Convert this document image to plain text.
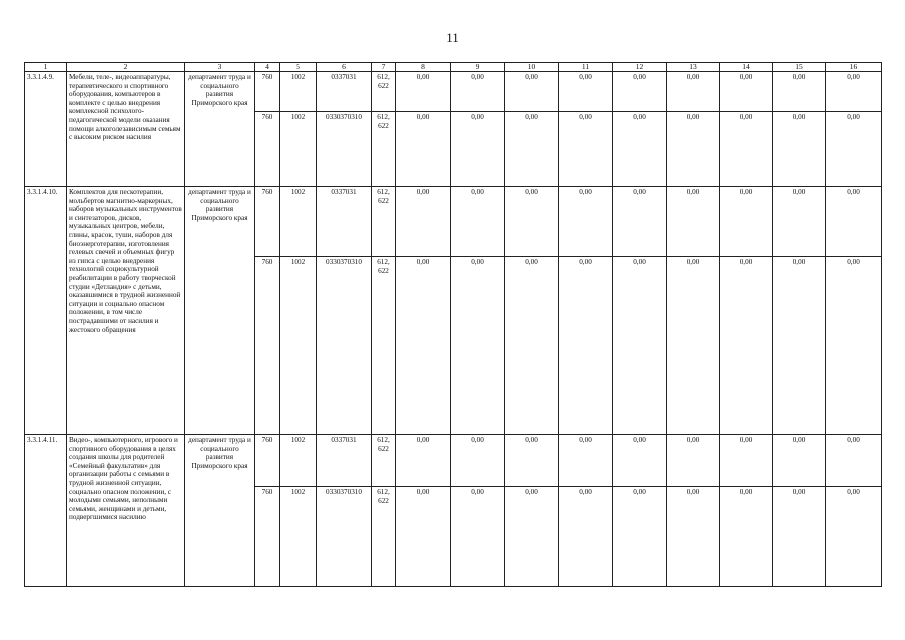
11
1	2	3	4	5	6	7	8	9	10	11	12	13	14	15	16
3.3.1.4.9.	Мебели, теле-, видеоаппаратуры, терапевтического и спортивного оборудования, компьютеров в комплекте с целью внедрения комплексной психолого-педагогической модели оказания помощи алкоголезависимым семьям с высоким риском насилия	департамент труда и социального развития Приморского края	760	1002	0337031	612, 622	0,00	0,00	0,00	0,00	0,00	0,00	0,00	0,00	0,00
			760	1002	0330370310	612, 622	0,00	0,00	0,00	0,00	0,00	0,00	0,00	0,00	0,00
3.3.1.4.10.	Комплектов для пескотерапии, мольбертов магнитно-маркерных, наборов музыкальных инструментов и синтезаторов, дисков, музыкальных центров, мебели, глины, красок, туши, наборов для биоэнерготерапии, изготовления гелевых свечей и объемных фигур из гипса с целью внедрения технологий социокультурной реабилитации в работу творческой студии «Детландия» с детьми, оказавшимися в трудной жизненной ситуации и социально опасном положении, в том числе пострадавшими от насилия и жестокого обращения	департамент труда и социального развития Приморского края	760	1002	0337031	612, 622	0,00	0,00	0,00	0,00	0,00	0,00	0,00	0,00	0,00
			760	1002	0330370310	612, 622	0,00	0,00	0,00	0,00	0,00	0,00	0,00	0,00	0,00
3.3.1.4.11.	Видео-, компьютерного, игрового и спортивного оборудования в целях создания школы для родителей «Семейный факультатив» для организации работы с семьями в трудной жизненной ситуации, социально опасном положении, с молодыми семьями, неполными семьями, женщинами и детьми, подвергшимися насилию	департамент труда и социального развития Приморского края	760	1002	0337031	612, 622	0,00	0,00	0,00	0,00	0,00	0,00	0,00	0,00	0,00
			760	1002	0330370310	612, 622	0,00	0,00	0,00	0,00	0,00	0,00	0,00	0,00	0,00
